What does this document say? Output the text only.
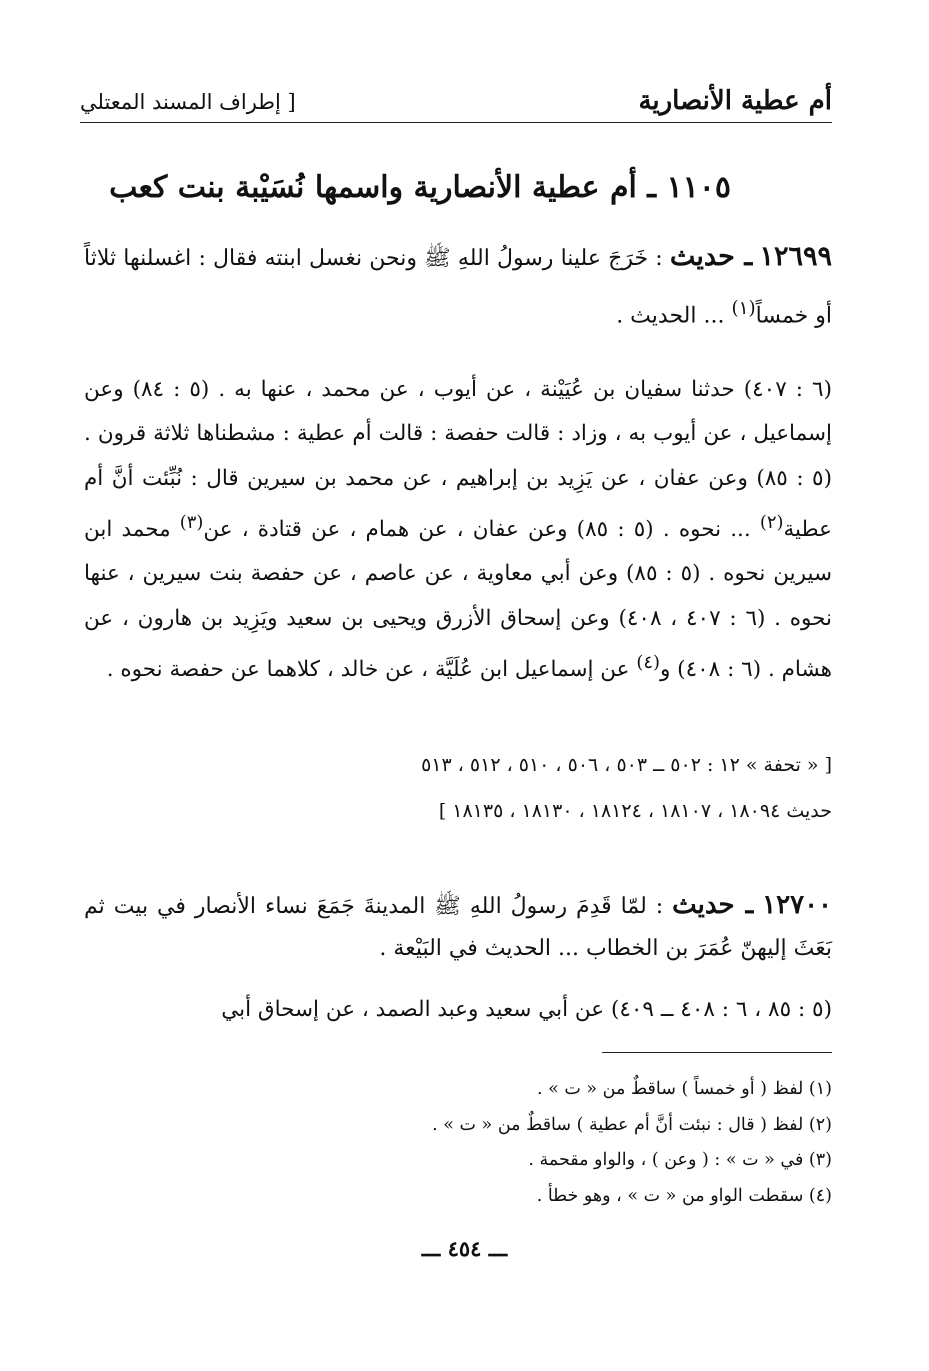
أم عطية الأنصارية
[ إطراف المسند المعتلي
١١٠٥ ـ أم عطية الأنصارية واسمها نُسَيْبة بنت كعب
١٢٦٩٩ ـ حديث : خَرَجَ علينا رسولُ اللهِ ﷺ ونحن نغسل ابنته فقال : اغسلنها ثلاثاً أو خمساً$^{(١)}$ ... الحديث .
(٦ : ٤٠٧) حدثنا سفيان بن عُيَيْنة ، عن أيوب ، عن محمد ، عنها به . (٥ : ٨٤) وعن إسماعيل ، عن أيوب به ، وزاد : قالت حفصة : قالت أم عطية : مشطناها ثلاثة قرون . (٥ : ٨٥) وعن عفان ، عن يَزِيد بن إبراهيم ، عن محمد بن سيرين قال : نُبِّئت أنَّ أم عطية$^{(٢)}$ ... نحوه . (٥ : ٨٥) وعن عفان ، عن همام ، عن قتادة ، عن$^{(٣)}$ محمد ابن سيرين نحوه . (٥ : ٨٥) وعن أبي معاوية ، عن عاصم ، عن حفصة بنت سيرين ، عنها نحوه . (٦ : ٤٠٧ ، ٤٠٨) وعن إسحاق الأزرق ويحيى بن سعيد ويَزِيد بن هارون ، عن هشام . (٦ : ٤٠٨) و$^{(٤)}$ عن إسماعيل ابن عُلَيَّة ، عن خالد ، كلاهما عن حفصة نحوه .
[ « تحفة » ١٢ : ٥٠٢ ــ ٥٠٣ ، ٥٠٦ ، ٥١٠ ، ٥١٢ ، ٥١٣
حديث ١٨٠٩٤ ، ١٨١٠٧ ، ١٨١٢٤ ، ١٨١٣٠ ، ١٨١٣٥ ]
١٢٧٠٠ ـ حديث : لمّا قَدِمَ رسولُ اللهِ ﷺ المدينةَ جَمَعَ نساء الأنصار في بيت ثم بَعَثَ إليهنّ عُمَرَ بن الخطاب ... الحديث في البَيْعة .
(٥ : ٨٥ ، ٦ : ٤٠٨ ــ ٤٠٩) عن أبي سعيد وعبد الصمد ، عن إسحاق أبي
(١) لفظ ( أو خمساً ) ساقطٌ من « ت » .
(٢) لفظ ( قال : نبئت أنَّ أم عطية ) ساقطٌ من « ت » .
(٣) في « ت » : ( وعن ) ، والواو مقحمة .
(٤) سقطت الواو من « ت » ، وهو خطأ .
ـــ ٤٥٤ ـــ
